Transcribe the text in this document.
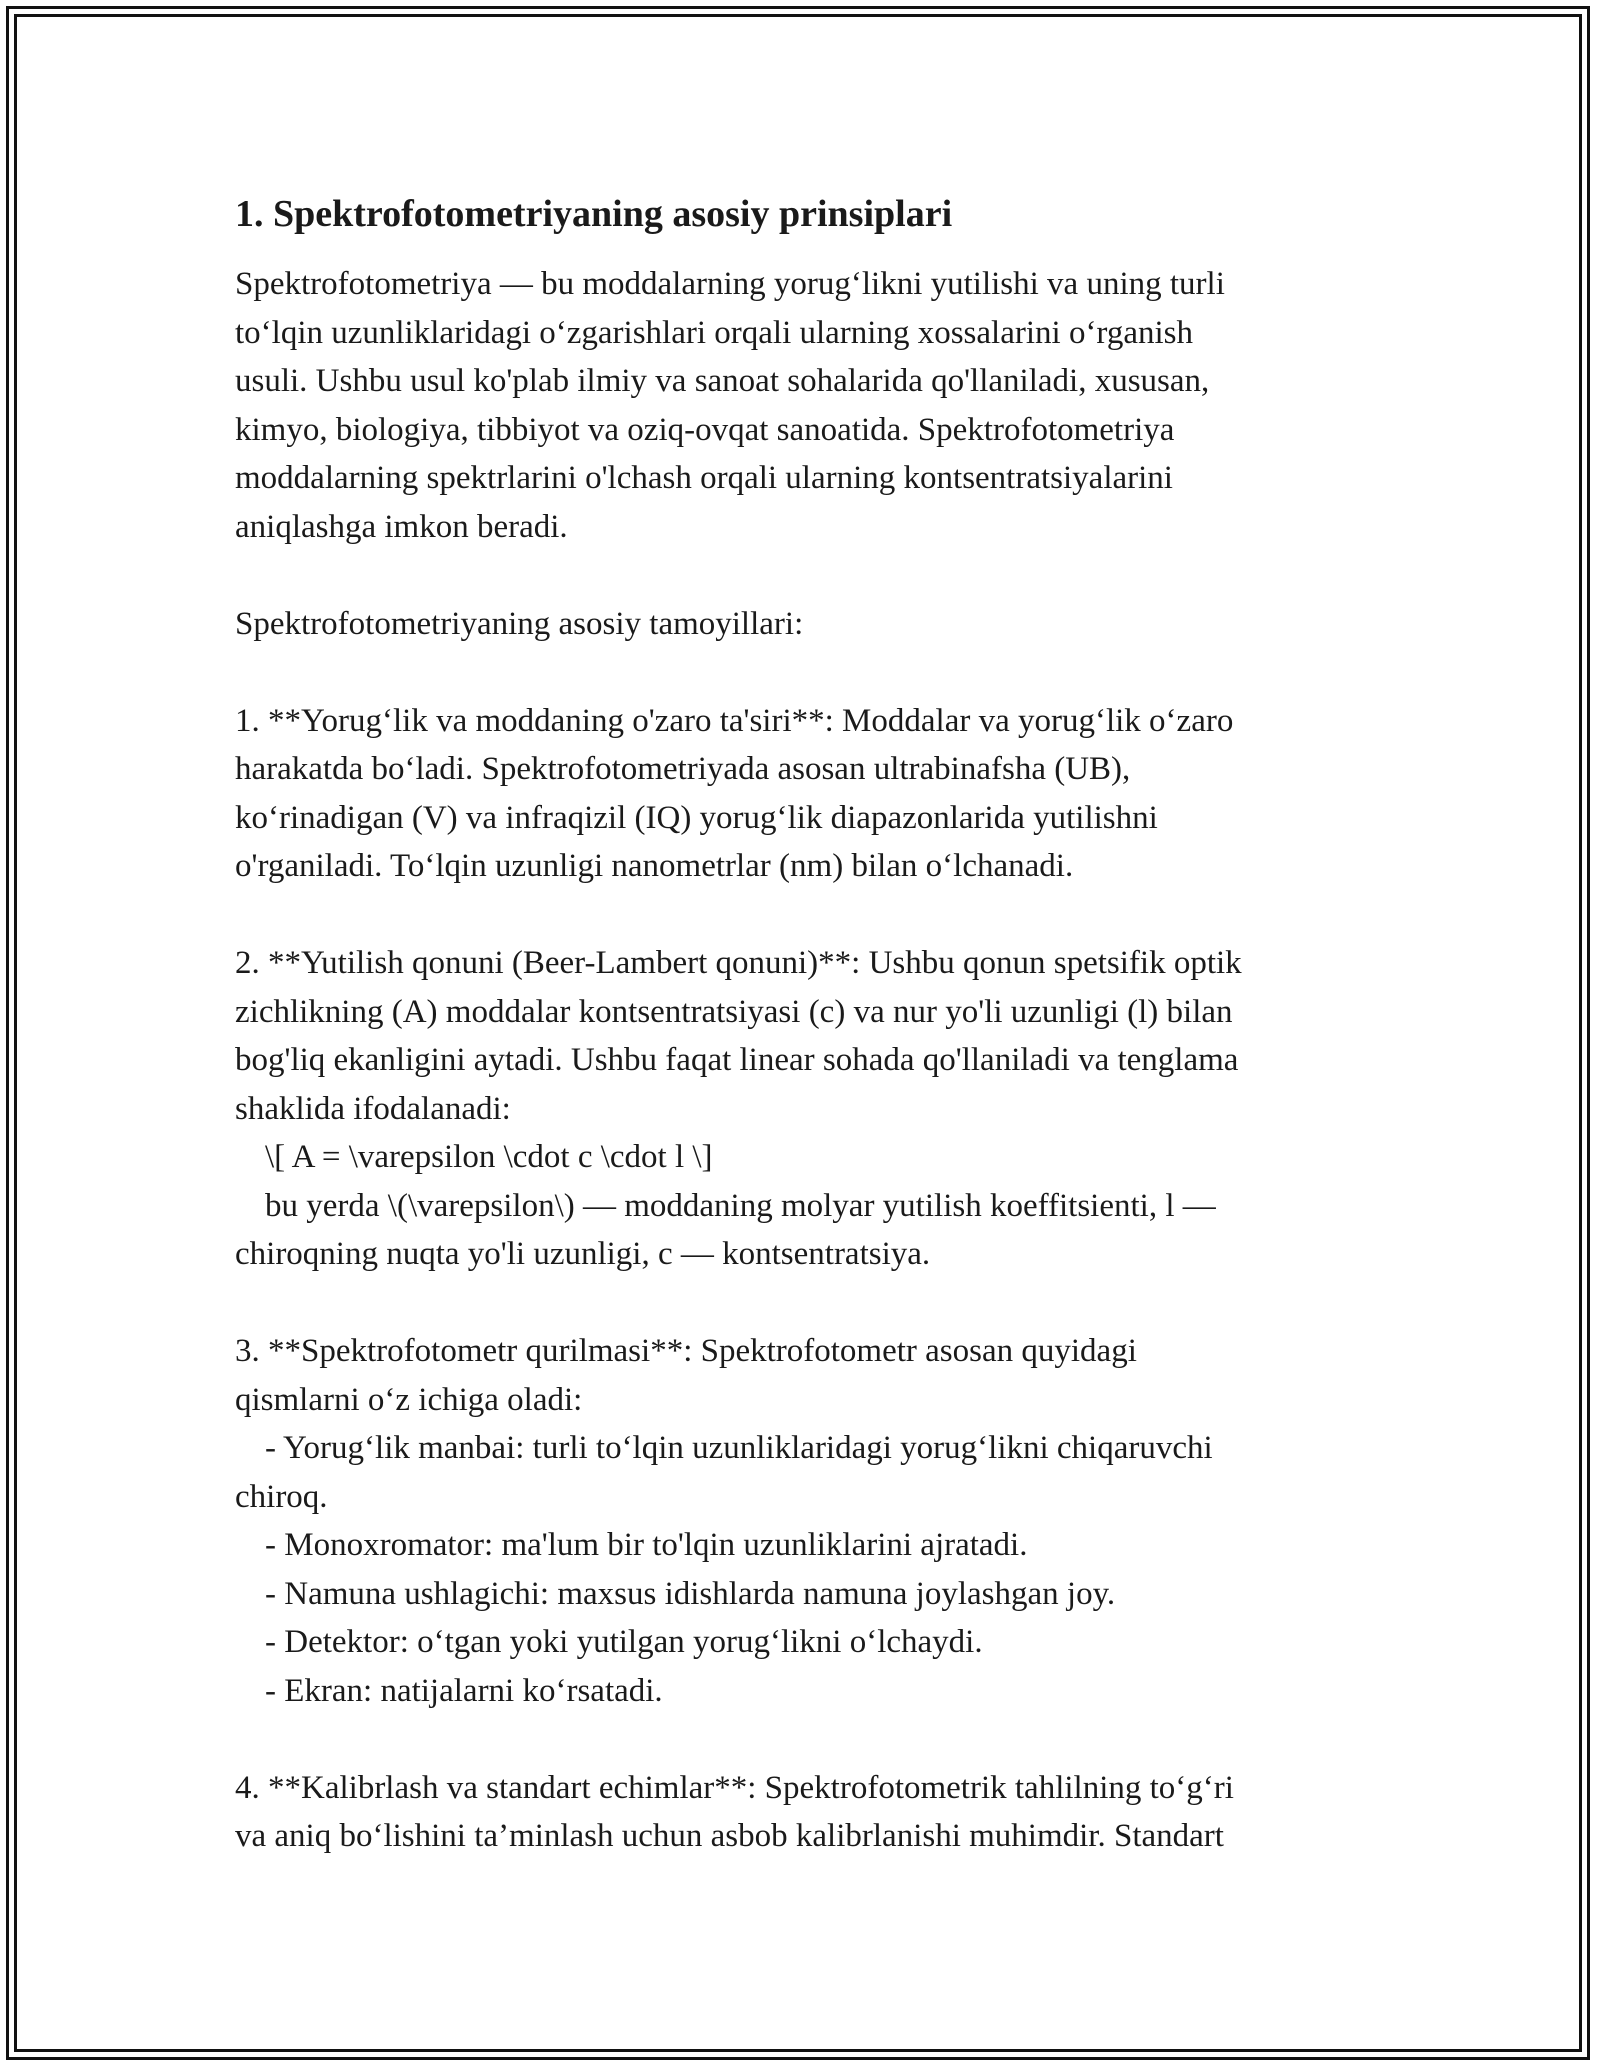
1. Spektrofotometriyaning asosiy prinsiplari
Spektrofotometriya — bu moddalarning yorug‘likni yutilishi va uning turli
to‘lqin uzunliklaridagi o‘zgarishlari orqali ularning xossalarini o‘rganish
usuli. Ushbu usul ko'plab ilmiy va sanoat sohalarida qo'llaniladi, xususan,
kimyo, biologiya, tibbiyot va oziq-ovqat sanoatida. Spektrofotometriya
moddalarning spektrlarini o'lchash orqali ularning kontsentratsiyalarini
aniqlashga imkon beradi.
Spektrofotometriyaning asosiy tamoyillari:
1. **Yorug‘lik va moddaning o'zaro ta'siri**: Moddalar va yorug‘lik o‘zaro
harakatda bo‘ladi. Spektrofotometriyada asosan ultrabinafsha (UB),
ko‘rinadigan (V) va infraqizil (IQ) yorug‘lik diapazonlarida yutilishni
o'rganiladi. To‘lqin uzunligi nanometrlar (nm) bilan o‘lchanadi.
2. **Yutilish qonuni (Beer-Lambert qonuni)**: Ushbu qonun spetsifik optik
zichlikning (A) moddalar kontsentratsiyasi (c) va nur yo'li uzunligi (l) bilan
bog'liq ekanligini aytadi. Ushbu faqat linear sohada qo'llaniladi va tenglama
shaklida ifodalanadi:
\[ A = \varepsilon \cdot c \cdot l \]
bu yerda \(\varepsilon\) — moddaning molyar yutilish koeffitsienti, l —
chiroqning nuqta yo'li uzunligi, c — kontsentratsiya.
3. **Spektrofotometr qurilmasi**: Spektrofotometr asosan quyidagi
qismlarni o‘z ichiga oladi:
- Yorug‘lik manbai: turli to‘lqin uzunliklaridagi yorug‘likni chiqaruvchi
chiroq.
- Monoxromator: ma'lum bir to'lqin uzunliklarini ajratadi.
- Namuna ushlagichi: maxsus idishlarda namuna joylashgan joy.
- Detektor: o‘tgan yoki yutilgan yorug‘likni o‘lchaydi.
- Ekran: natijalarni ko‘rsatadi.
4. **Kalibrlash va standart echimlar**: Spektrofotometrik tahlilning to‘g‘ri
va aniq bo‘lishini ta’minlash uchun asbob kalibrlanishi muhimdir. Standart
